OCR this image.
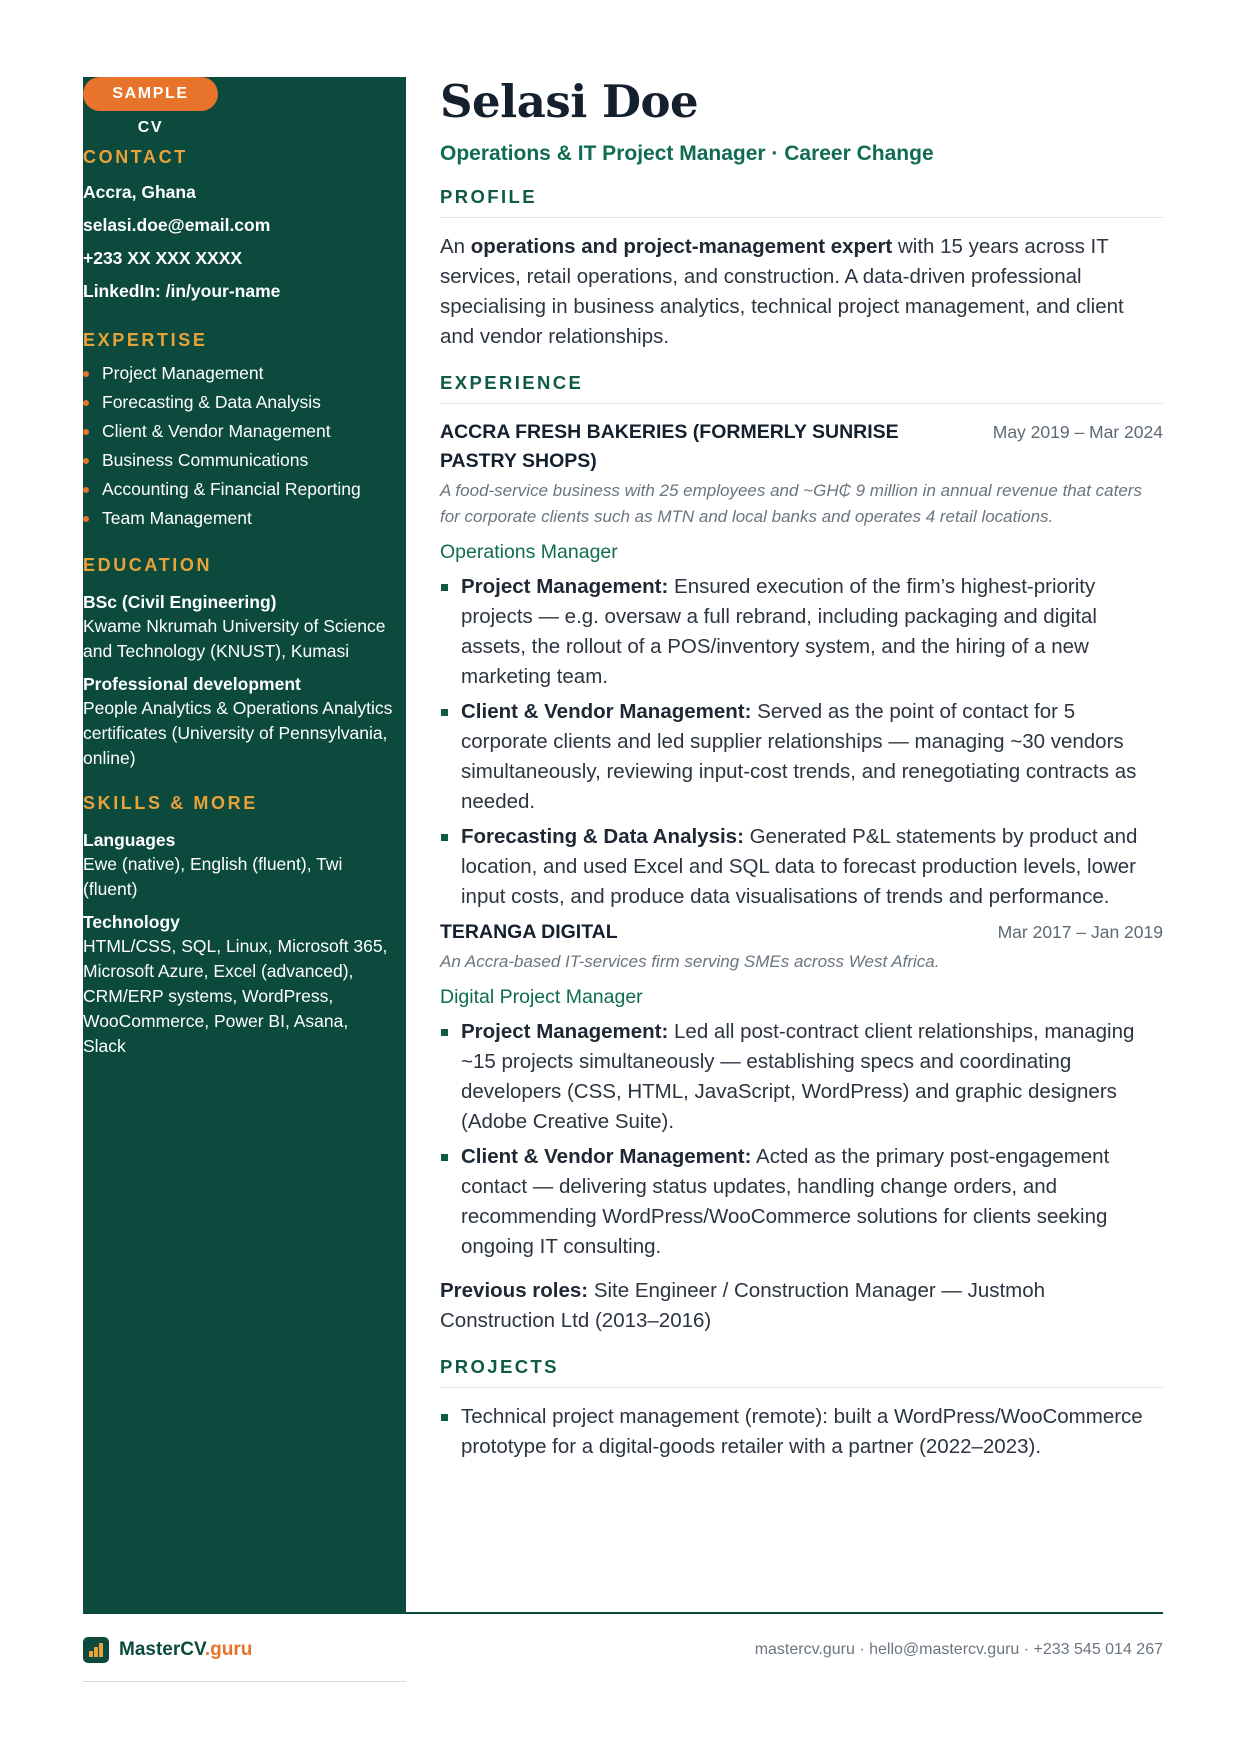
SAMPLE CV
CONTACT

Accra, Ghana

selasi.doe@email.com

+233 XX XXX XXXX

LinkedIn: /in/your-name

EXPERTISE
Project Management
Forecasting & Data Analysis
Client & Vendor Management
Business Communications
Accounting & Financial Reporting
Team Management
EDUCATION

BSc (Civil Engineering)

Kwame Nkrumah University of Science and Technology (KNUST), Kumasi

Professional development

People Analytics & Operations Analytics certificates (University of Pennsylvania, online)

SKILLS & MORE

Languages

Ewe (native), English (fluent), Twi (fluent)

Technology

HTML/CSS, SQL, Linux, Microsoft 365, Microsoft Azure, Excel (advanced), CRM/ERP systems, WordPress, WooCommerce, Power BI, Asana, Slack

Selasi Doe

Operations & IT Project Manager · Career Change

PROFILE

An operations and project-management expert with 15 years across IT services, retail operations, and construction. A data-driven professional specialising in business analytics, technical project management, and client and vendor relationships.

EXPERIENCE

ACCRA FRESH BAKERIES (FORMERLY SUNRISE PASTRY SHOPS)

May 2019 – Mar 2024

A food-service business with 25 employees and ~GH₵ 9 million in annual revenue that caters for corporate clients such as MTN and local banks and operates 4 retail locations.

Operations Manager

Project Management: Ensured execution of the firm’s highest-priority projects — e.g. oversaw a full rebrand, including packaging and digital assets, the rollout of a POS/inventory system, and the hiring of a new marketing team.
Client & Vendor Management: Served as the point of contact for 5 corporate clients and led supplier relationships — managing ~30 vendors simultaneously, reviewing input-cost trends, and renegotiating contracts as needed.
Forecasting & Data Analysis: Generated P&L statements by product and location, and used Excel and SQL data to forecast production levels, lower input costs, and produce data visualisations of trends and performance.

TERANGA DIGITAL	Mar 2017 – Jan 2019

An Accra-based IT-services firm serving SMEs across West Africa.

Digital Project Manager

Project Management: Led all post-contract client relationships, managing ~15 projects simultaneously — establishing specs and coordinating developers (CSS, HTML, JavaScript, WordPress) and graphic designers (Adobe Creative Suite).
Client & Vendor Management: Acted as the primary post-engagement contact — delivering status updates, handling change orders, and recommending WordPress/WooCommerce solutions for clients seeking ongoing IT consulting.

Previous roles: Site Engineer / Construction Manager — Justmoh Construction Ltd (2013–2016)

PROJECTS
Technical project management (remote): built a WordPress/WooCommerce prototype for a digital-goods retailer with a partner (2022–2023).
MasterCV.guru	mastercv.guru · hello@mastercv.guru · +233 545 014 267
